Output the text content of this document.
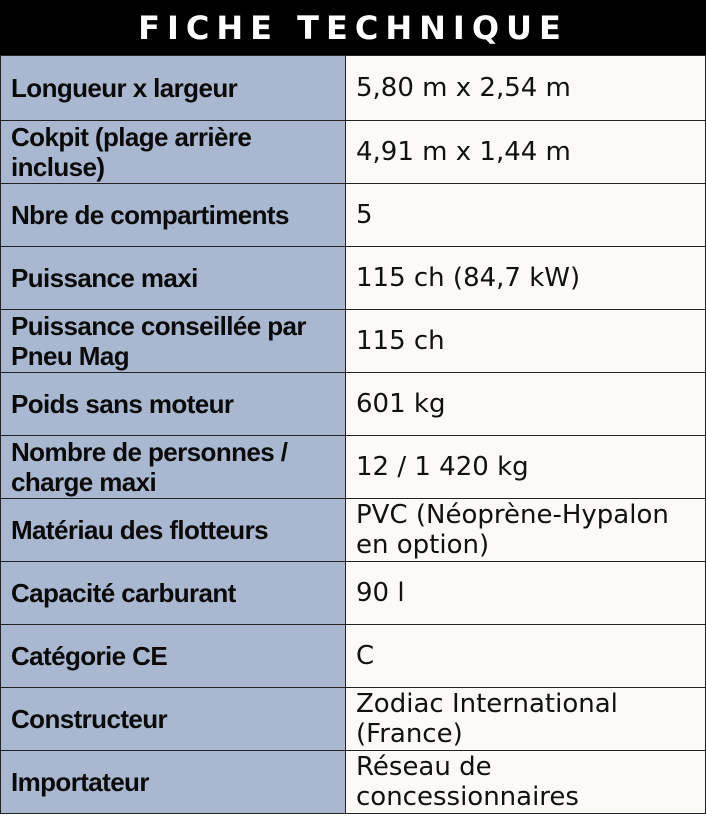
FICHE TECHNIQUE
Longueur x largeur	5,80 m x 2,54 m
Cokpit (plage arrière incluse)	4,91 m x 1,44 m
Nbre de compartiments	5
Puissance maxi	115 ch (84,7 kW)
Puissance conseillée par Pneu Mag	115 ch
Poids sans moteur	601 kg
Nombre de personnes / charge maxi	12 / 1 420 kg
Matériau des flotteurs	PVC (Néoprène-Hypalon en option)
Capacité carburant	90 l
Catégorie CE	C
Constructeur	Zodiac International (France)
Importateur	Réseau de concessionnaires
